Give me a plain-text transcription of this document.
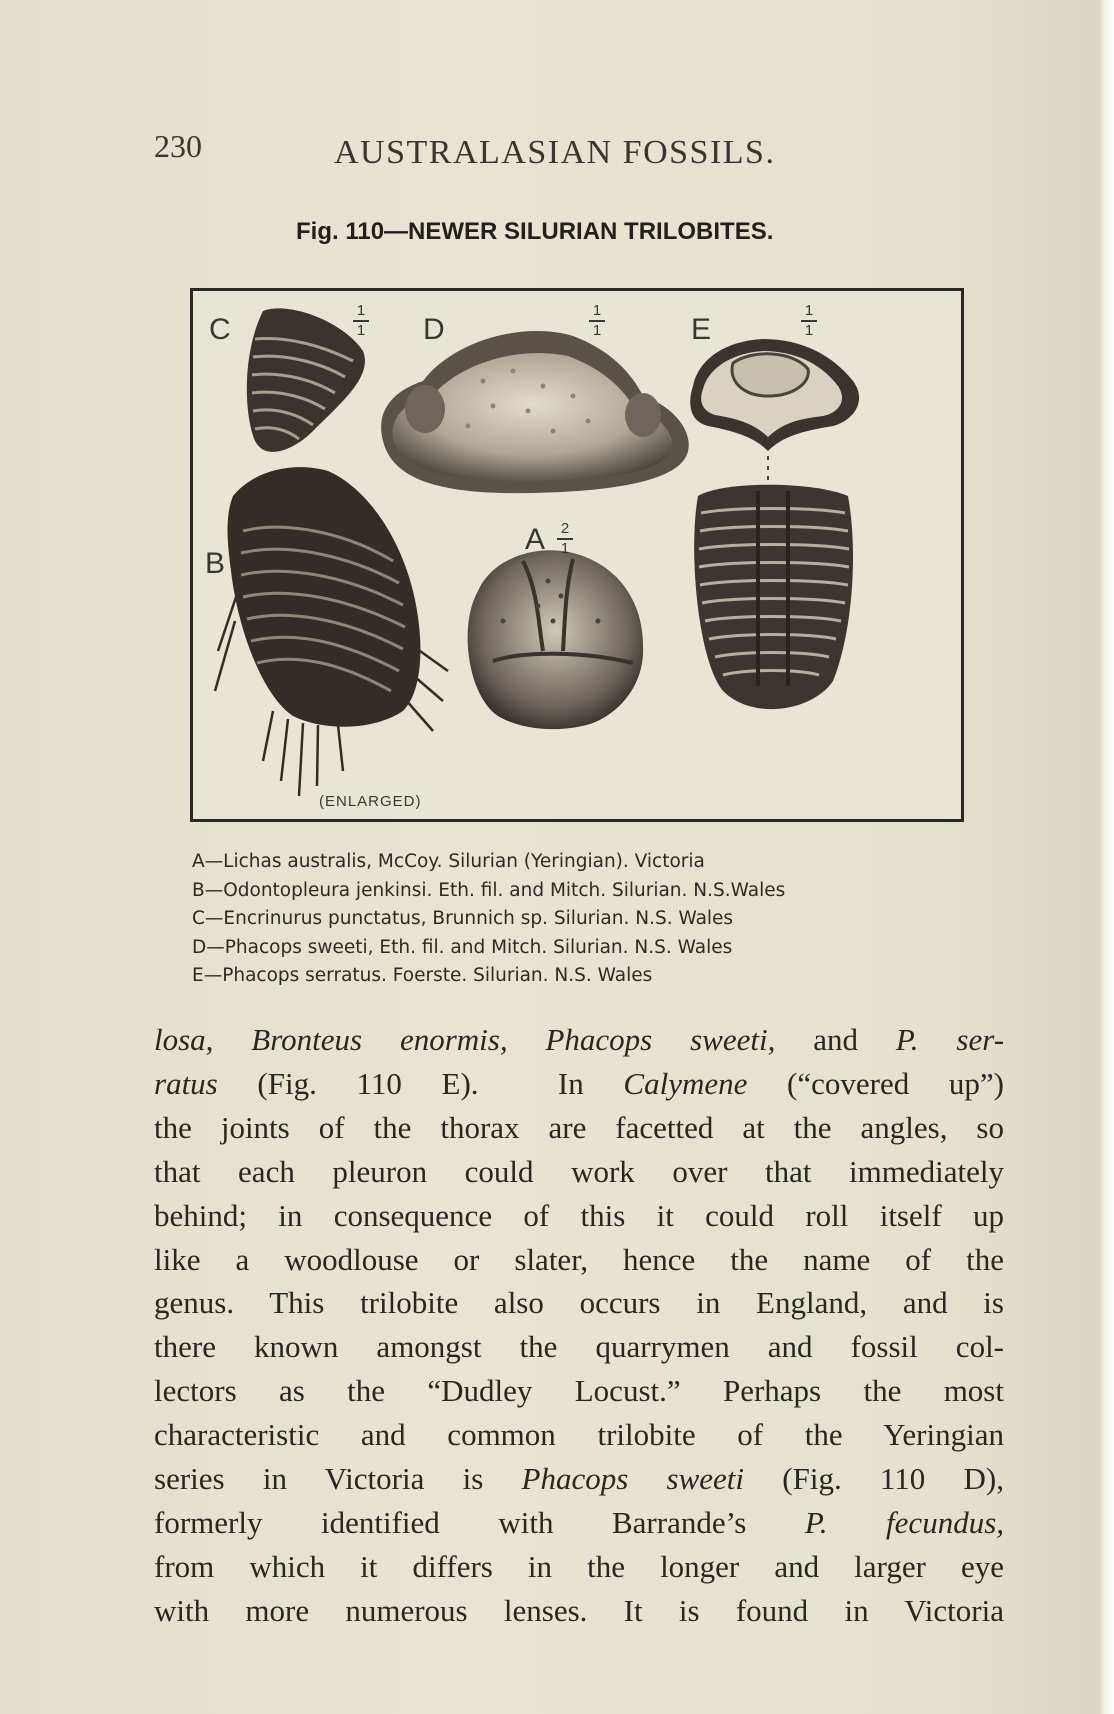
230	AUSTRALASIAN FOSSILS.
Fig. 110—NEWER SILURIAN TRILOBITES.
C
1
1 D
1
1	E
1
1
B
A 2
1
(ENLARGED)
A—Lichas australis, McCoy. Silurian (Yeringian). Victoria
B—Odontopleura jenkinsi. Eth. fil. and Mitch. Silurian. N.S.Wales
C—Encrinurus punctatus, Brunnich sp. Silurian. N.S. Wales
D—Phacops sweeti, Eth. fil. and Mitch. Silurian. N.S. Wales
E—Phacops serratus. Foerste. Silurian. N.S. Wales

losa, Bronteus enormis, Phacops sweeti, and P. ser-

ratus (Fig. 110 E).  In Calymene (“covered up”)

the joints of the thorax are facetted at the angles, so

that each pleuron could work over that immediately

behind; in consequence of this it could roll itself up

like a woodlouse or slater, hence the name of the

genus. This trilobite also occurs in England, and is

there known amongst the quarrymen and fossil col-

lectors as the “Dudley Locust.” Perhaps the most

characteristic and common trilobite of the Yeringian

series in Victoria is Phacops sweeti (Fig. 110 D),

formerly identified with Barrande’s P. fecundus,

from which it differs in the longer and larger eye

with more numerous lenses. It is found in Victoria
